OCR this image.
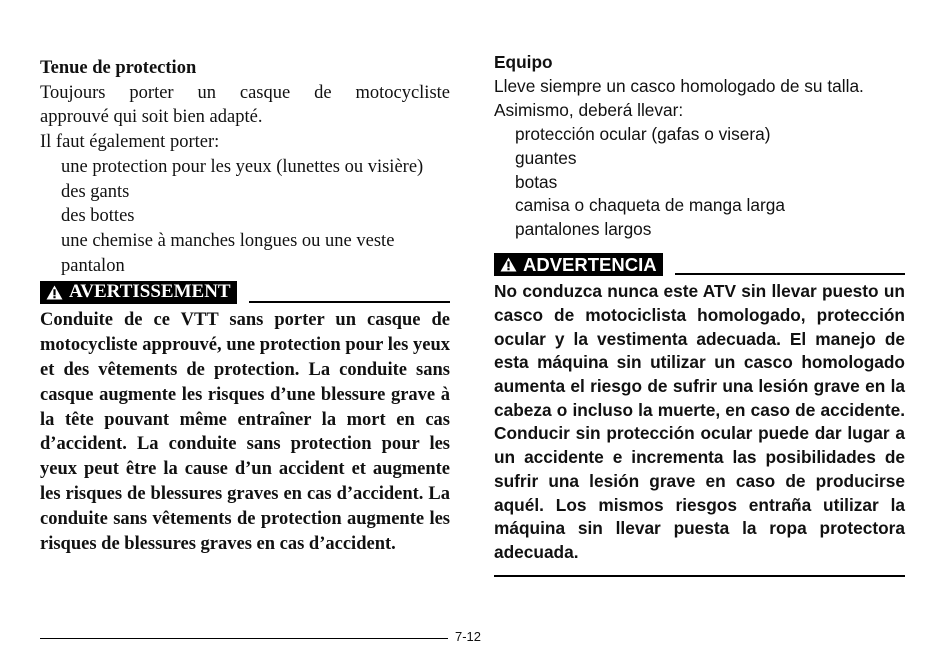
Tenue de protection
Toujours porter un casque de motocycliste
approuvé qui soit bien adapté.
Il faut également porter:
une protection pour les yeux (lunettes ou visière)
des gants
des bottes
une chemise à manches longues ou une veste
pantalon
AVERTISSEMENT
Conduite de ce VTT sans porter un casque de motocycliste approuvé, une protection pour les yeux et des vêtements de protection. La conduite sans casque augmente les risques d’une blessure grave à la tête pouvant même entraîner la mort en cas d’accident. La conduite sans protection pour les yeux peut être la cause d’un accident et augmente les risques de blessures graves en cas d’accident. La conduite sans vêtements de protection augmente les risques de blessures graves en cas d’accident.
Equipo
Lleve siempre un casco homologado de su talla.
Asimismo, deberá llevar:
protección ocular (gafas o visera)
guantes
botas
camisa o chaqueta de manga larga
pantalones largos
ADVERTENCIA
No conduzca nunca este ATV sin llevar puesto un casco de motociclista homologado, protección ocular y la vestimenta adecuada. El manejo de esta máquina sin utilizar un casco homologado aumenta el riesgo de sufrir una lesión grave en la cabeza o incluso la muerte, en caso de accidente. Conducir sin protección ocular puede dar lugar a un accidente e incrementa las posibilidades de sufrir una lesión grave en caso de producirse aquél. Los mismos riesgos entraña utilizar la máquina sin llevar puesta la ropa protectora adecuada.
7-12
